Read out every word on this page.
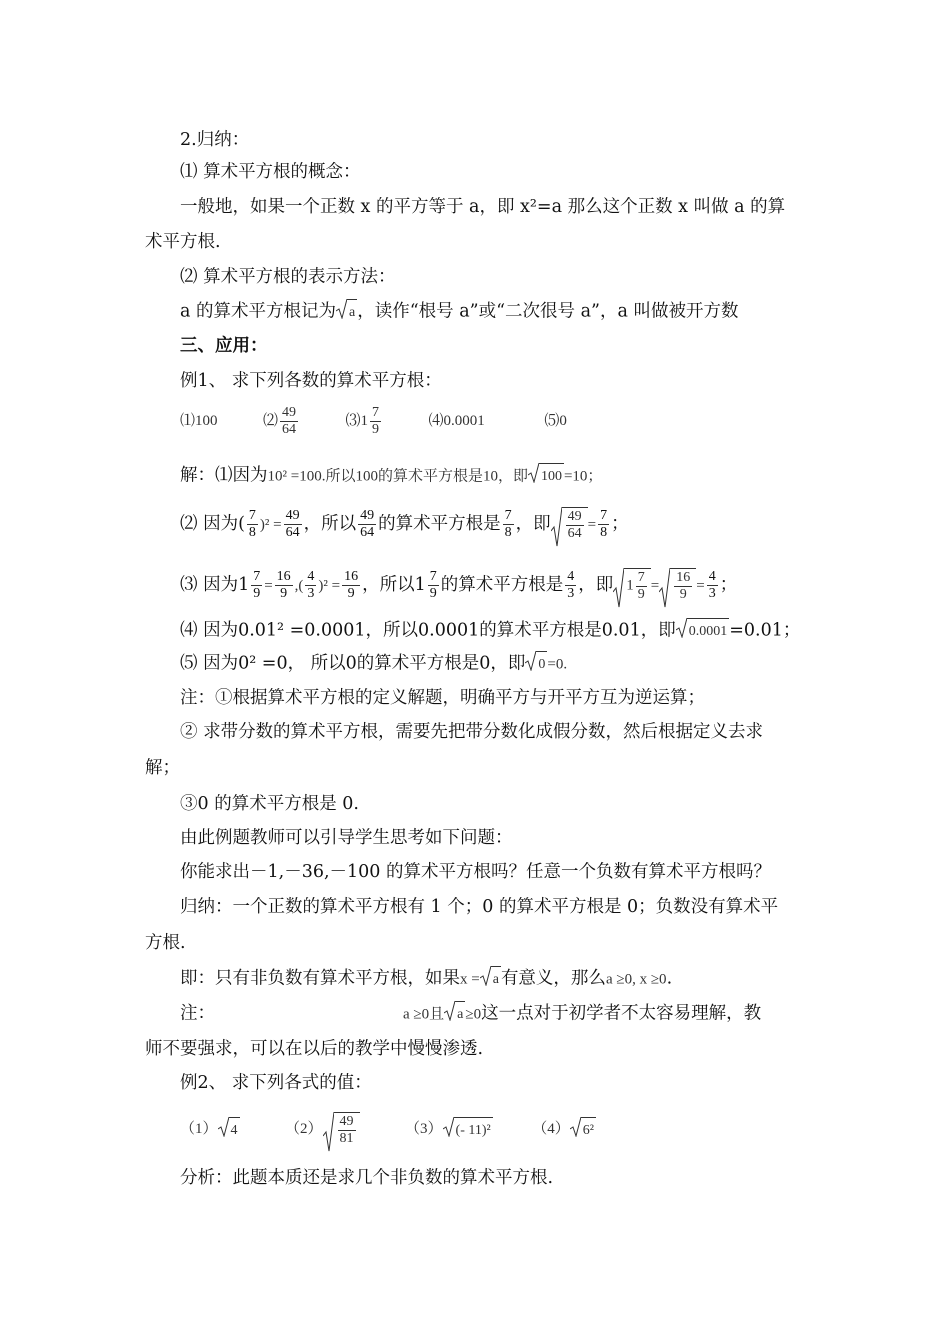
2.归纳：
⑴ 算术平方根的概念：
一般地，如果一个正数 x 的平方等于 a，即 x²=a 那么这个正数 x 叫做 a 的算
术平方根.
⑵ 算术平方根的表示方法：
a 的算术平方根记为 a ，读作“根号 a”或“二次很号 a”，a 叫做被开方数
三、应用：
例1、 求下列各数的算术平方根：
⑴100	⑵ $\frac{49}{64}$	⑶1 $\frac{7}{9}$	⑷0.0001	⑸0
解：⑴因为10² =100.所以100的算术平方根是10，即 100 =10；
⑵ 因为( $\frac{7}{8} )^2 = \frac{49}{64}$ ，所以 $\frac{49}{64}$ 的算术平方根是 $\frac{7}{8}$ ，即 $\frac{49}{64} = \frac{7}{8}$ ；
⑶ 因为$1 \frac{7}{9} = \frac{16}{9}$ ,( $\frac{4}{3} )^2 = \frac{16}{9}$ ，所以$1 \frac{7}{9}$ 的算术平方根是 $\frac{4}{3}$ ，即 $1 \frac{7}{9} = \frac{16}{9} = \frac{4}{3}$ ；
⑷ 因为0.01² =0.0001，所以0.0001的算术平方根是0.01，即 0.0001 =0.01；
⑸ 因为0² =0， 所以0的算术平方根是0，即 0 =0.
注：①根据算术平方根的定义解题，明确平方与开平方互为逆运算；
② 求带分数的算术平方根，需要先把带分数化成假分数，然后根据定义去求
解；
③0 的算术平方根是 0.
由此例题教师可以引导学生思考如下问题：
你能求出－1,－36,－100 的算术平方根吗？任意一个负数有算术平方根吗？
归纳：一个正数的算术平方根有 1 个；0 的算术平方根是 0；负数没有算术平
方根.
即：只有非负数有算术平方根，如果x = a 有意义，那么a ≥0, x ≥0.
注：	a ≥0且 a ≥0这一点对于初学者不太容易理解，教
师不要强求，可以在以后的教学中慢慢渗透.
例2、 求下列各式的值：
（1） 4	$(2) \frac{49}{81}$	（3） (- 11)²	（4） 6²
分析：此题本质还是求几个非负数的算术平方根.
